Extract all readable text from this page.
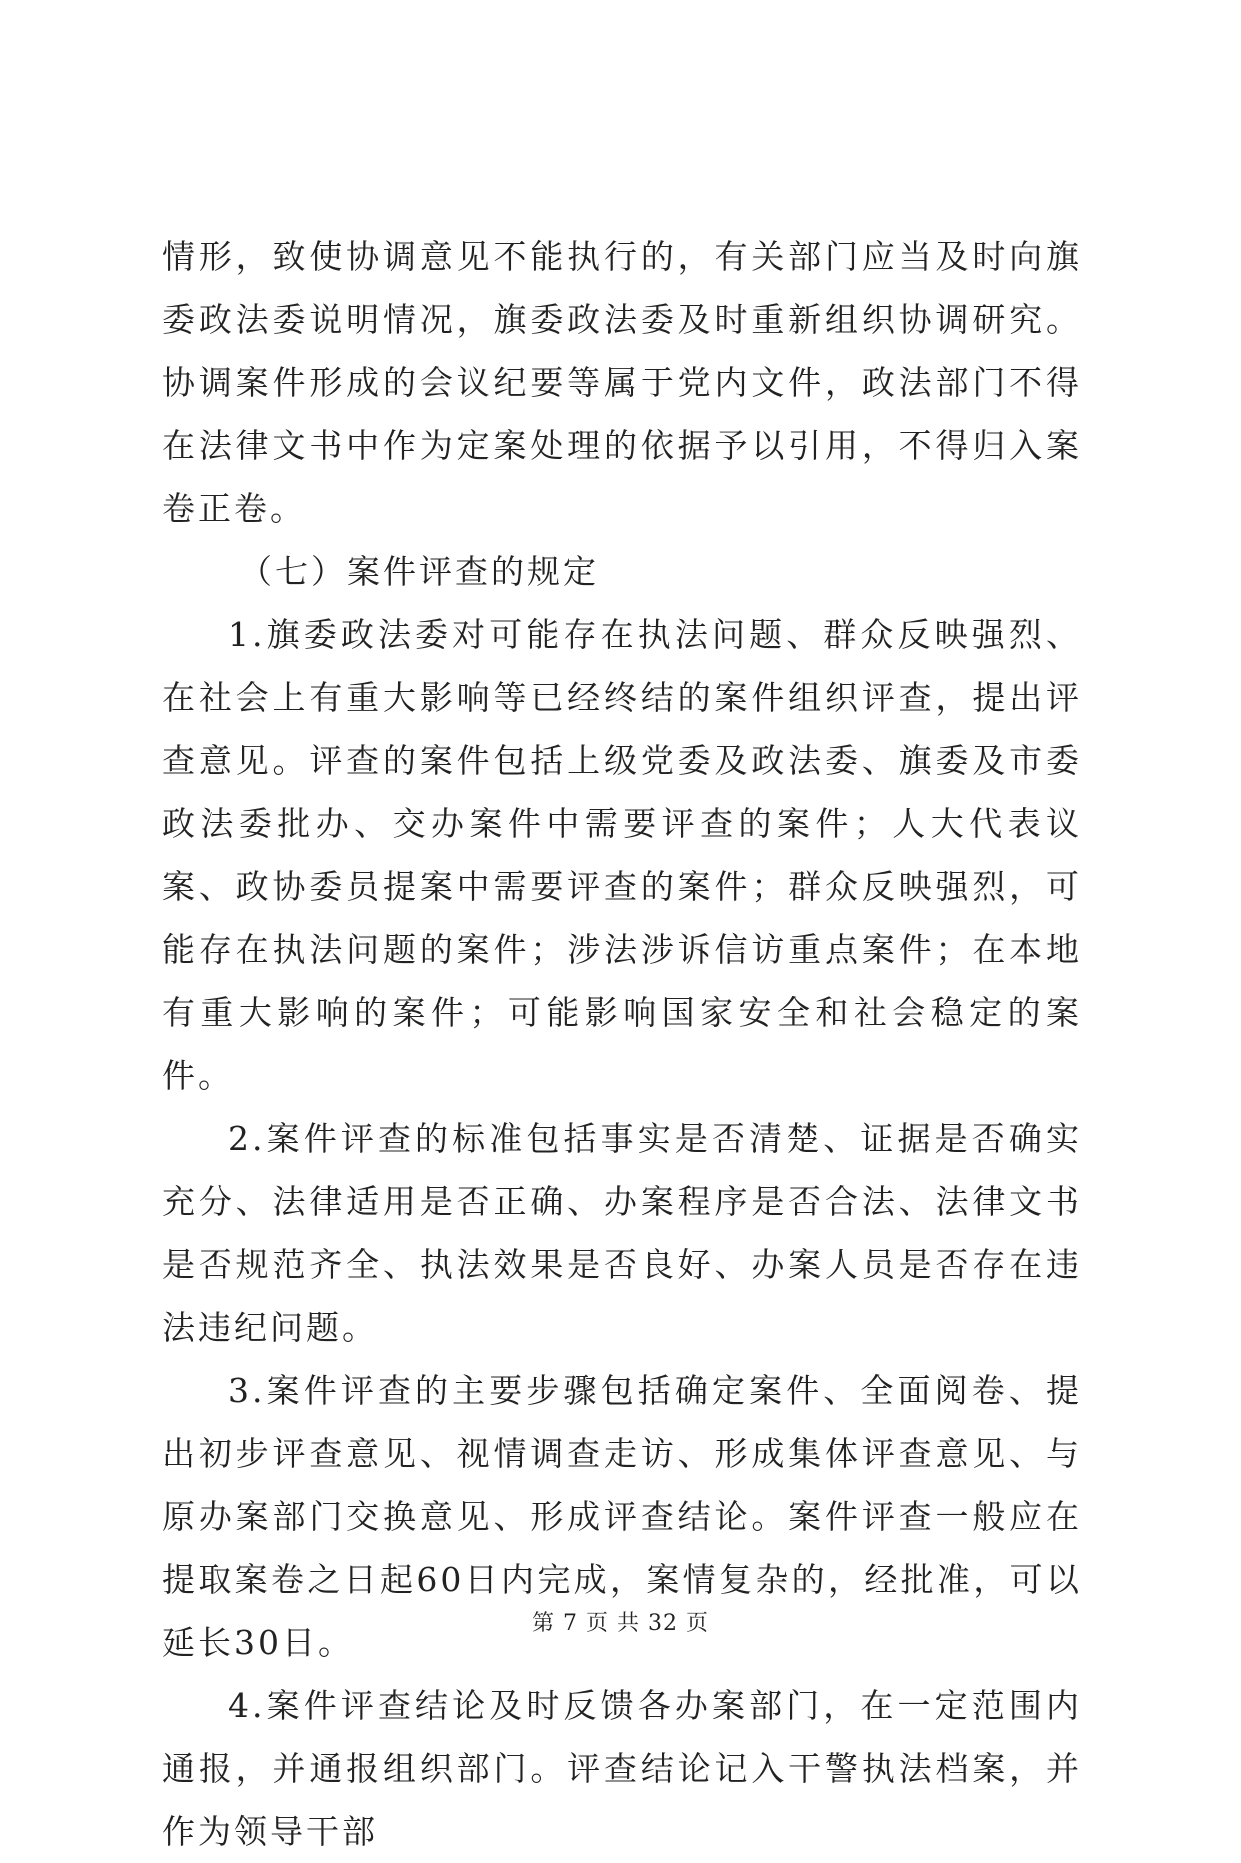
情形，致使协调意见不能执行的，有关部门应当及时向旗委政法委说明情况，旗委政法委及时重新组织协调研究。协调案件形成的会议纪要等属于党内文件，政法部门不得在法律文书中作为定案处理的依据予以引用，不得归入案卷正卷。

（七）案件评查的规定

1.旗委政法委对可能存在执法问题、群众反映强烈、在社会上有重大影响等已经终结的案件组织评查，提出评查意见。评查的案件包括上级党委及政法委、旗委及市委政法委批办、交办案件中需要评查的案件；人大代表议案、政协委员提案中需要评查的案件；群众反映强烈，可能存在执法问题的案件；涉法涉诉信访重点案件；在本地有重大影响的案件；可能影响国家安全和社会稳定的案件。

2.案件评查的标准包括事实是否清楚、证据是否确实充分、法律适用是否正确、办案程序是否合法、法律文书是否规范齐全、执法效果是否良好、办案人员是否存在违法违纪问题。

3.案件评查的主要步骤包括确定案件、全面阅卷、提出初步评查意见、视情调查走访、形成集体评查意见、与原办案部门交换意见、形成评查结论。案件评查一般应在提取案卷之日起60日内完成，案情复杂的，经批准，可以延长30日。

4.案件评查结论及时反馈各办案部门，在一定范围内通报，并通报组织部门。评查结论记入干警执法档案，并作为领导干部

第 7 页 共 32 页
